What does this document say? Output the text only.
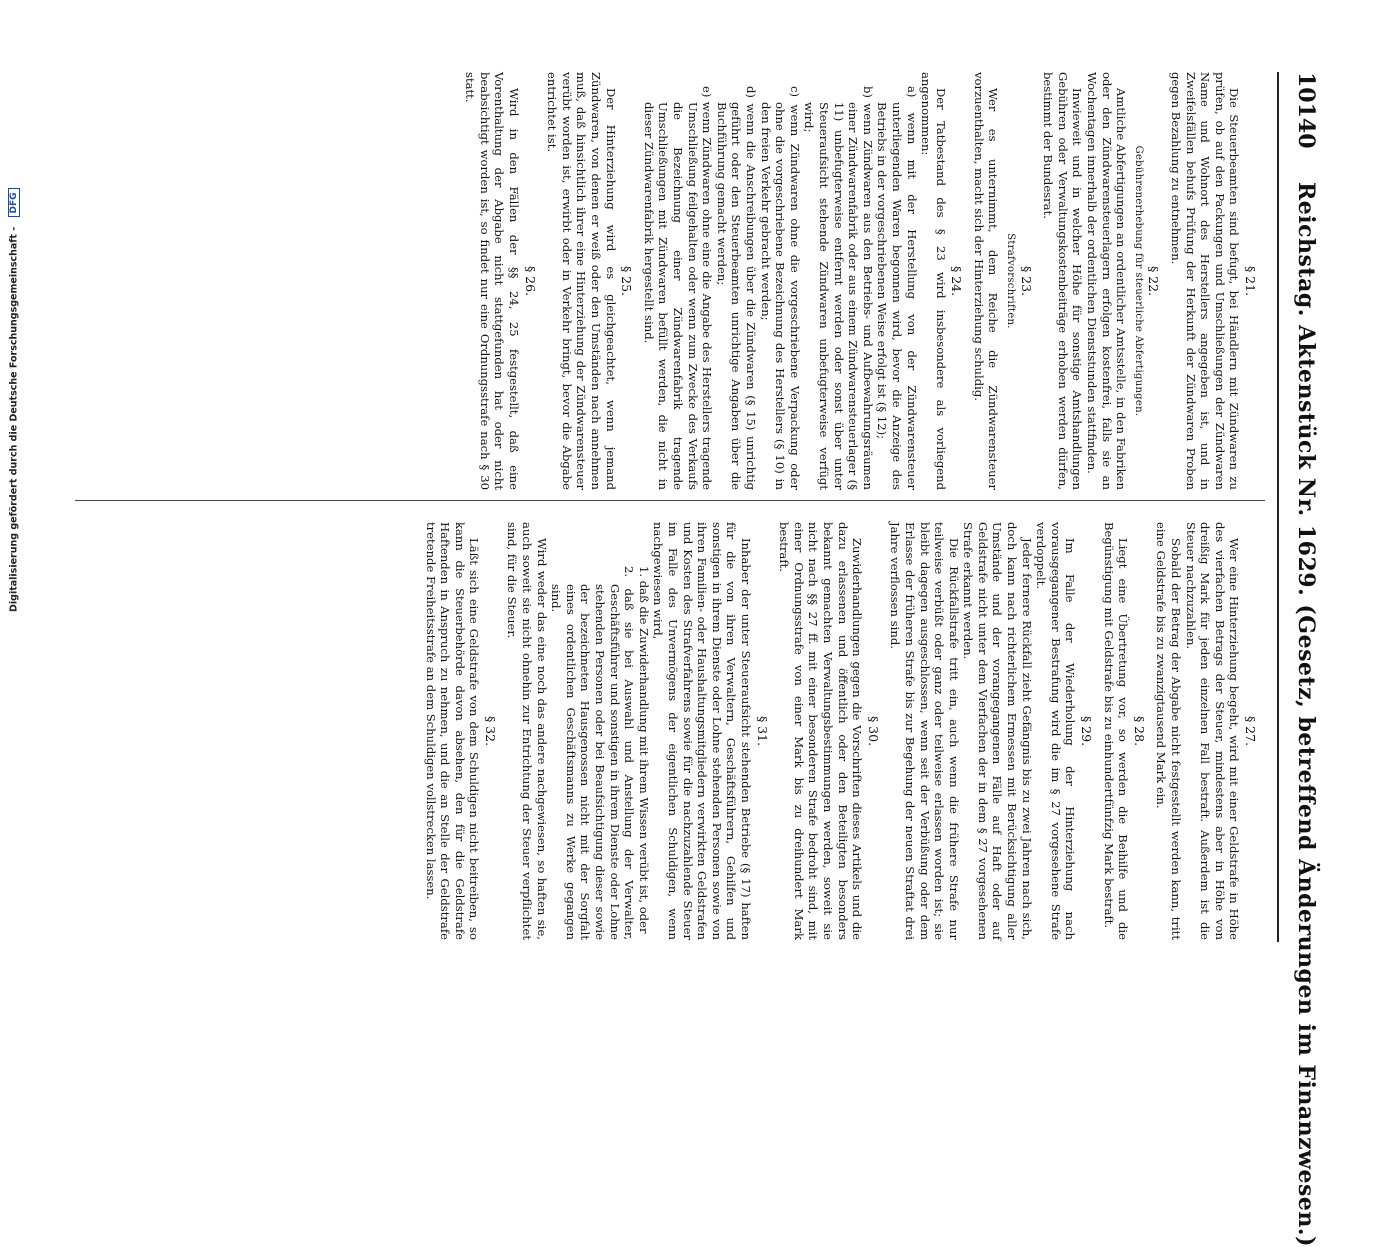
10140
Reichstag. Aktenstück Nr. 1629. (Gesetz, betreffend Änderungen im Finanzwesen.)
§ 21.

Die Steuerbeamten sind befugt, bei Händlern mit Zündwaren zu prüfen, ob auf den Packungen und Umschließungen der Zündwaren Name und Wohnort des Herstellers angegeben ist, und in Zweifelsfällen behufs Prüfung der Herkunft der Zündwaren Proben gegen Bezahlung zu entnehmen.

§ 22.
Gebührenerhebung für steuerliche Abfertigungen.

Amtliche Abfertigungen an ordentlicher Amtsstelle, in den Fabriken oder den Zündwarensteuerlagern erfolgen kostenfrei, falls sie an Wochentagen innerhalb der ordentlichen Dienststunden stattfinden.

Inwieweit und in welcher Höhe für sonstige Amtshandlungen Gebühren oder Verwaltungskostenbeiträge erhoben werden dürfen, bestimmt der Bundesrat.

§ 23.
Strafvorschriften.

Wer es unternimmt, dem Reiche die Zündwarensteuer vorzuenthalten, macht sich der Hinterziehung schuldig.

§ 24.

Der Tatbestand des § 23 wird insbesondere als vorliegend angenommen:

a) wenn mit der Herstellung von der Zündwarensteuer unterliegenden Waren begonnen wird, bevor die Anzeige des Betriebs in der vorgeschriebenen Weise erfolgt ist (§ 12);

b) wenn Zündwaren aus den Betriebs- und Aufbewahrungsräumen einer Zündwarenfabrik oder aus einem Zündwarensteuerlager (§ 11) unbefugterweise entfernt werden oder sonst über unter Steueraufsicht stehende Zündwaren unbefugterweise verfügt wird;

c) wenn Zündwaren ohne die vorgeschriebene Verpackung oder ohne die vorgeschriebene Bezeichnung des Herstellers (§ 10) in den freien Verkehr gebracht werden;

d) wenn die Anschreibungen über die Zündwaren (§ 15) unrichtig geführt oder den Steuerbeamten unrichtige Angaben über die Buchführung gemacht werden;

e) wenn Zündwaren ohne eine die Angabe des Herstellers tragende Umschließung feilgehalten oder wenn zum Zwecke des Verkaufs die Bezeichnung einer Zündwarenfabrik tragende Umschließungen mit Zündwaren befüllt werden, die nicht in dieser Zündwarenfabrik hergestellt sind.

§ 25.

Der Hinterziehung wird es gleichgeachtet, wenn jemand Zündwaren, von denen er weiß oder den Umständen nach annehmen muß, daß hinsichtlich ihrer eine Hinterziehung der Zündwarensteuer verübt worden ist, erwirbt oder in Verkehr bringt, bevor die Abgabe entrichtet ist.

§ 26.

Wird in den Fällen der §§ 24, 25 festgestellt, daß eine Vorenthaltung der Abgabe nicht stattgefunden hat oder nicht beabsichtigt worden ist, so findet nur eine Ordnungsstrafe nach § 30 statt.

§ 27.

Wer eine Hinterziehung begeht, wird mit einer Geldstrafe in Höhe des vierfachen Betrags der Steuer, mindestens aber in Höhe von dreißig Mark für jeden einzelnen Fall bestraft. Außerdem ist die Steuer nachzuzahlen.

Sobald der Betrag der Abgabe nicht festgestellt werden kann, tritt eine Geldstrafe bis zu zwanzigtausend Mark ein.

§ 28.

Liegt eine Übertretung vor, so werden die Beihilfe und die Begünstigung mit Geldstrafe bis zu einhundertfünfzig Mark bestraft.

§ 29.

Im Falle der Wiederholung der Hinterziehung nach vorausgegangener Bestrafung wird die im § 27 vorgesehene Strafe verdoppelt.

Jeder fernere Rückfall zieht Gefängnis bis zu zwei Jahren nach sich, doch kann nach richterlichem Ermessen mit Berücksichtigung aller Umstände und der vorangegangenen Fälle auf Haft oder auf Geldstrafe nicht unter dem Vierfachen der in dem § 27 vorgesehenen Strafe erkannt werden.

Die Rückfallstrafe tritt ein, auch wenn die frühere Strafe nur teilweise verbüßt oder ganz oder teilweise erlassen worden ist; sie bleibt dagegen ausgeschlossen, wenn seit der Verbüßung oder dem Erlasse der früheren Strafe bis zur Begehung der neuen Straftat drei Jahre verflossen sind.

§ 30.

Zuwiderhandlungen gegen die Vorschriften dieses Artikels und die dazu erlassenen und öffentlich oder den Beteiligten besonders bekannt gemachten Verwaltungsbestimmungen werden, soweit sie nicht nach §§ 27 ff. mit einer besonderen Strafe bedroht sind, mit einer Ordnungsstrafe von einer Mark bis zu dreihundert Mark bestraft.

§ 31.

Inhaber der unter Steueraufsicht stehenden Betriebe (§ 17) haften für die von ihren Verwaltern, Geschäftsführern, Gehilfen und sonstigen in ihrem Dienste oder Lohne stehenden Personen sowie von ihren Familien- oder Haushaltungsmitgliedern verwirkten Geldstrafen und Kosten des Strafverfahrens sowie für die nachzuzahlende Steuer im Falle des Unvermögens der eigentlichen Schuldigen, wenn nachgewiesen wird,

1. daß die Zuwiderhandlung mit ihrem Wissen verübt ist, oder

2. daß sie bei Auswahl und Anstellung der Verwalter, Geschäftsführer und sonstigen in ihrem Dienste oder Lohne stehenden Personen oder bei Beaufsichtigung dieser sowie der bezeichneten Hausgenossen nicht mit der Sorgfalt eines ordentlichen Geschäftsmanns zu Werke gegangen sind.

Wird weder das eine noch das andere nachgewiesen, so haften sie, auch soweit sie nicht ohnehin zur Entrichtung der Steuer verpflichtet sind, für die Steuer.

§ 32.

Läßt sich eine Geldstrafe von dem Schuldigen nicht beitreiben, so kann die Steuerbehörde davon absehen, den für die Geldstrafe Haftenden in Anspruch zu nehmen, und die an Stelle der Geldstrafe tretende Freiheitsstrafe an dem Schuldigen vollstrecken lassen.

Digitalisierung gefördert durch die Deutsche Forschungsgemeinschaft - DFG
